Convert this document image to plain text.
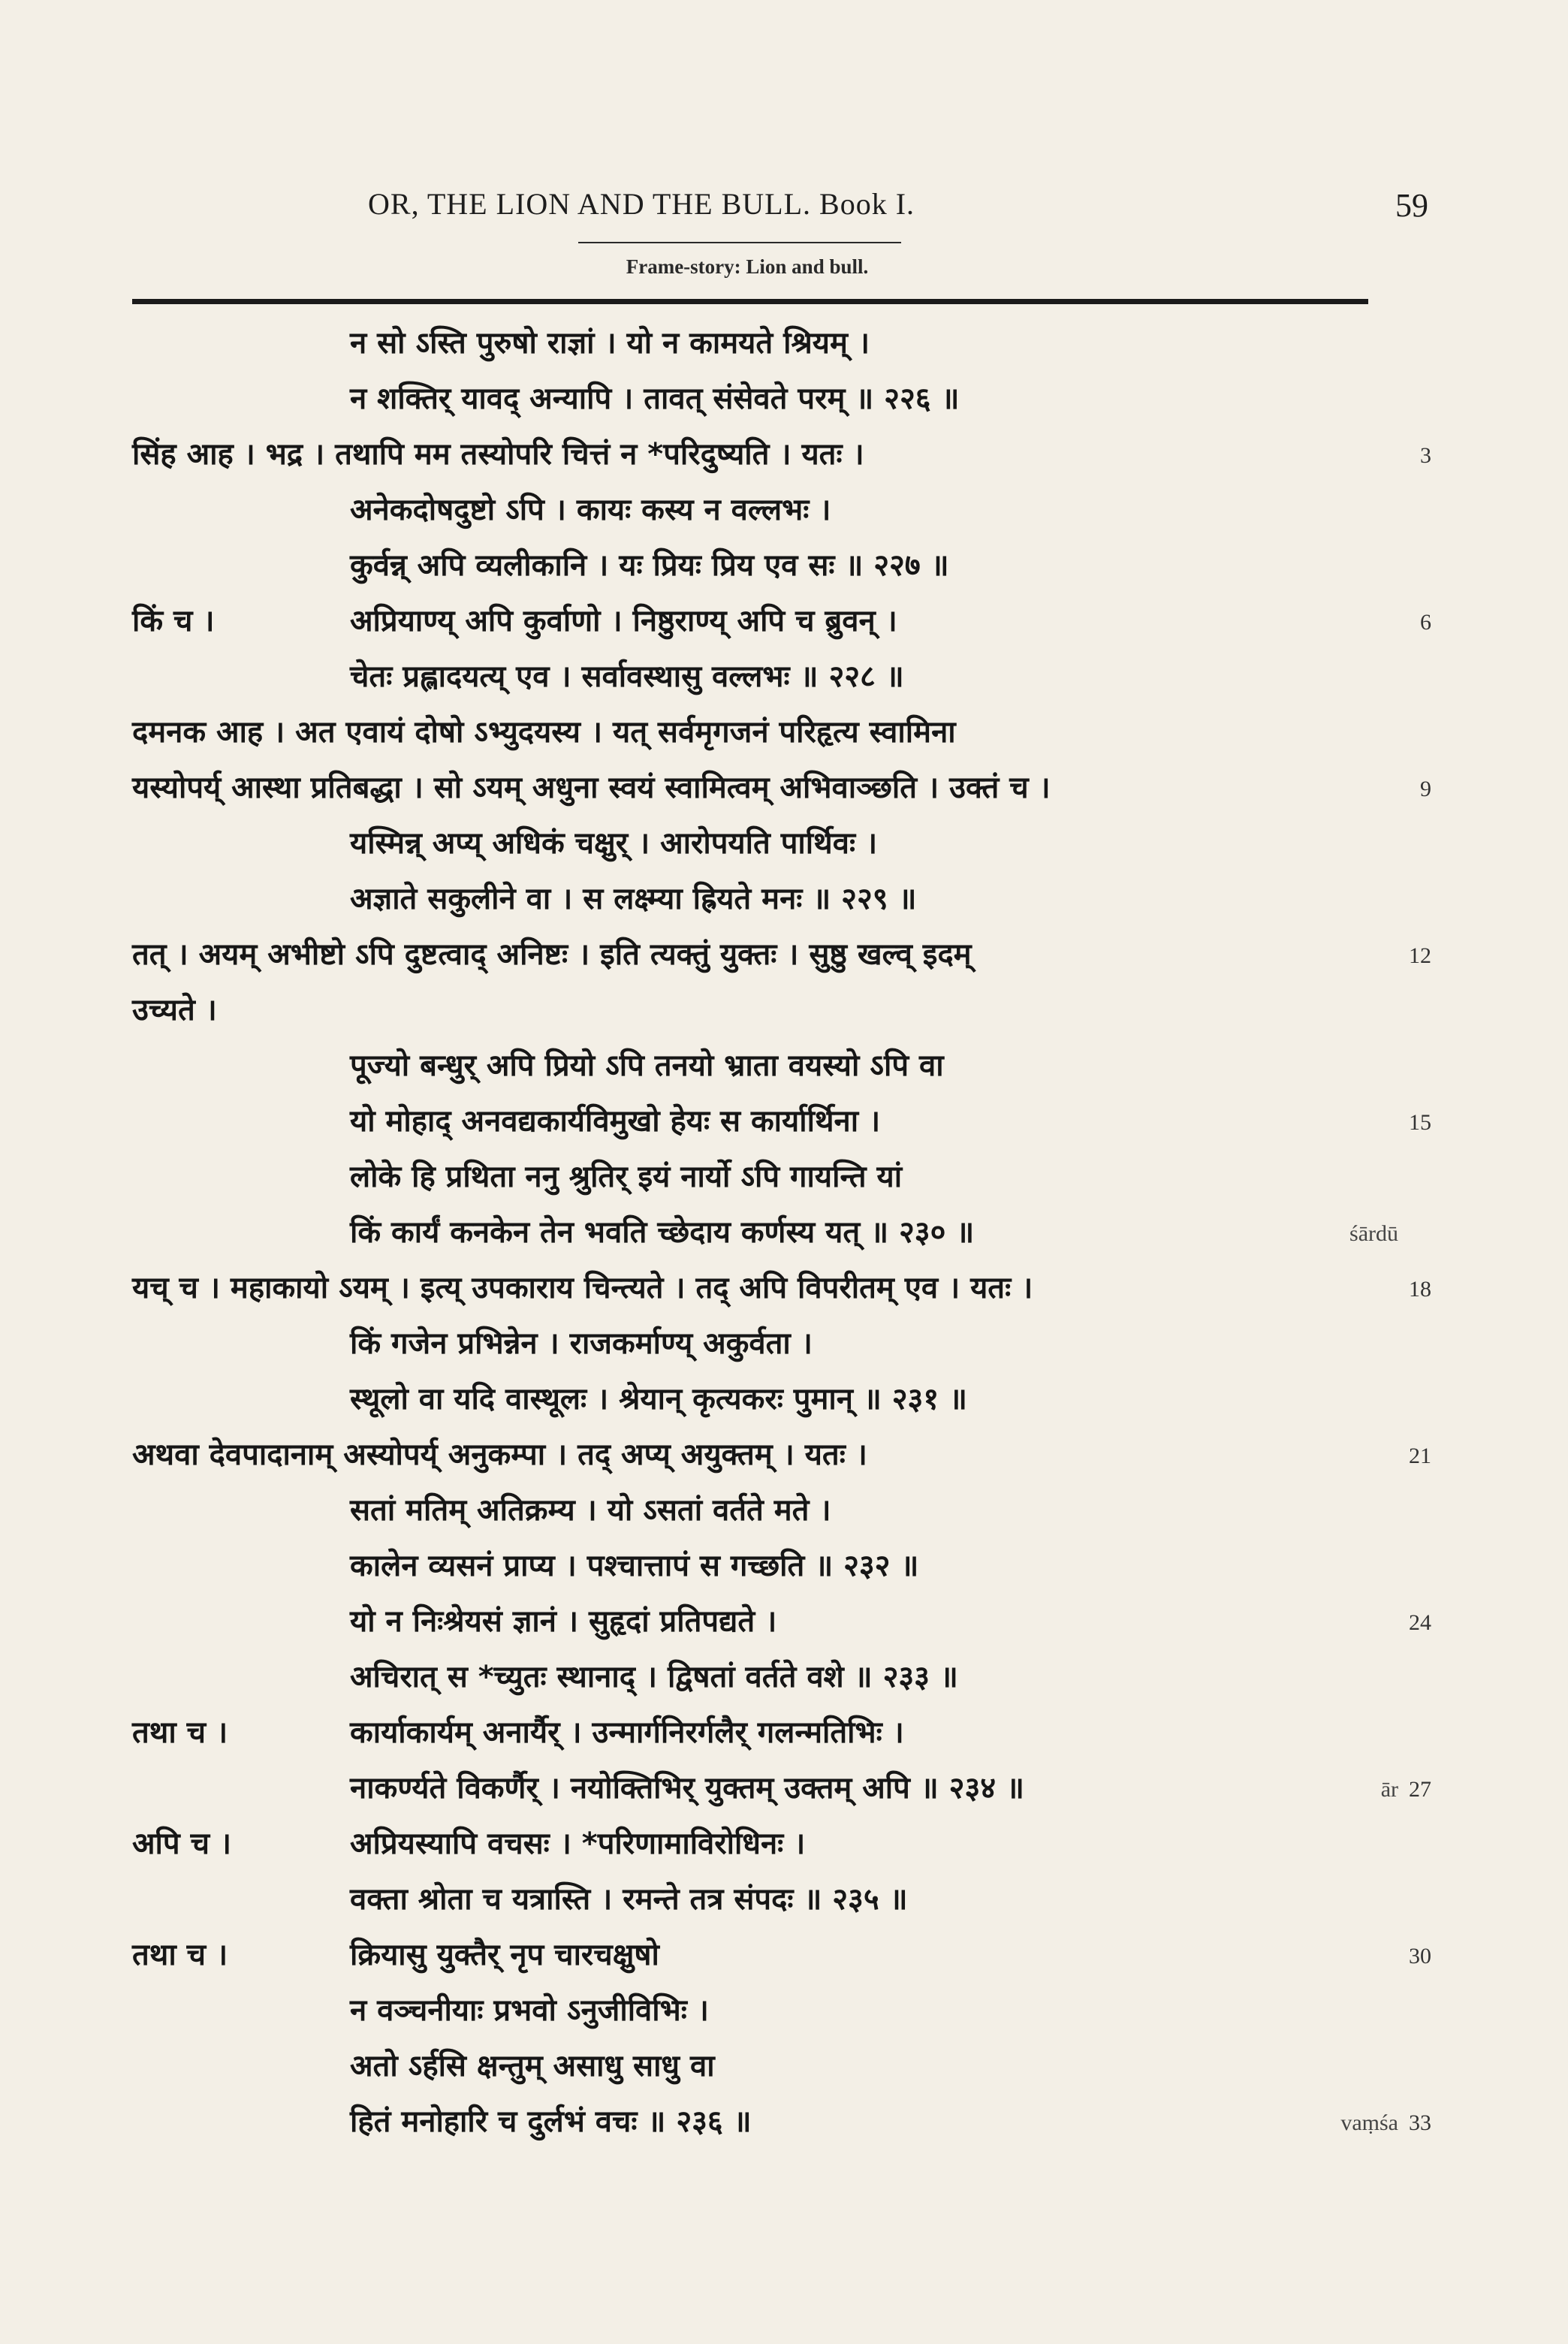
OR, THE LION AND THE BULL. Book I.	59
Frame-story: Lion and bull.
न सो ऽस्ति पुरुषो राज्ञां । यो न कामयते श्रियम् ।
न शक्तिर् यावद् अन्यापि । तावत् संसेवते परम् ॥ २२६ ॥
सिंह आह । भद्र । तथापि मम तस्योपरि चित्तं न *परिदुष्यति । यतः ।	3
अनेकदोषदुष्टो ऽपि । कायः कस्य न वल्लभः ।
कुर्वन्न् अपि व्यलीकानि । यः प्रियः प्रिय एव सः ॥ २२७ ॥
किं च ।	अप्रियाण्य् अपि कुर्वाणो । निष्ठुराण्य् अपि च ब्रुवन् ।	6
चेतः प्रह्लादयत्य् एव । सर्वावस्थासु वल्लभः ॥ २२८ ॥
दमनक आह । अत एवायं दोषो ऽभ्युदयस्य । यत् सर्वमृगजनं परिहृत्य स्वामिना
यस्योपर्य् आस्था प्रतिबद्धा । सो ऽयम् अधुना स्वयं स्वामित्वम् अभिवाञ्छति । उक्तं च ।	9
यस्मिन्न् अप्य् अधिकं चक्षुर् । आरोपयति पार्थिवः ।
अज्ञाते सकुलीने वा । स लक्ष्म्या ह्रियते मनः ॥ २२९ ॥
तत् । अयम् अभीष्टो ऽपि दुष्टत्वाद् अनिष्टः । इति त्यक्तुं युक्तः । सुष्ठु खल्व् इदम्	12
उच्यते ।
पूज्यो बन्धुर् अपि प्रियो ऽपि तनयो भ्राता वयस्यो ऽपि वा
यो मोहाद् अनवद्यकार्यविमुखो हेयः स कार्यार्थिना ।	15
लोके हि प्रथिता ननु श्रुतिर् इयं नार्यो ऽपि गायन्ति यां
किं कार्यं कनकेन तेन भवति च्छेदाय कर्णस्य यत् ॥ २३० ॥	śārdū
यच् च । महाकायो ऽयम् । इत्य् उपकाराय चिन्त्यते । तद् अपि विपरीतम् एव । यतः ।	18
किं गजेन प्रभिन्नेन । राजकर्माण्य् अकुर्वता ।
स्थूलो वा यदि वास्थूलः । श्रेयान् कृत्यकरः पुमान् ॥ २३१ ॥
अथवा देवपादानाम् अस्योपर्य् अनुकम्पा । तद् अप्य् अयुक्तम् । यतः ।	21
सतां मतिम् अतिक्रम्य । यो ऽसतां वर्तते मते ।
कालेन व्यसनं प्राप्य । पश्चात्तापं स गच्छति ॥ २३२ ॥
यो न निःश्रेयसं ज्ञानं । सुहृदां प्रतिपद्यते ।	24
अचिरात् स *च्युतः स्थानाद् । द्विषतां वर्तते वशे ॥ २३३ ॥
तथा च ।	कार्याकार्यम् अनार्यैर् । उन्मार्गनिरर्गलैर् गलन्मतिभिः ।
नाकर्ण्यते विकर्णैर् । नयोक्तिभिर् युक्तम् उक्तम् अपि ॥ २३४ ॥	ār 27
अपि च ।	अप्रियस्यापि वचसः । *परिणामाविरोधिनः ।
वक्ता श्रोता च यत्रास्ति । रमन्ते तत्र संपदः ॥ २३५ ॥
तथा च ।	क्रियासु युक्तैर् नृप चारचक्षुषो	30
न वञ्चनीयाः प्रभवो ऽनुजीविभिः ।
अतो ऽर्हसि क्षन्तुम् असाधु साधु वा
हितं मनोहारि च दुर्लभं वचः ॥ २३६ ॥	vaṃśa 33
